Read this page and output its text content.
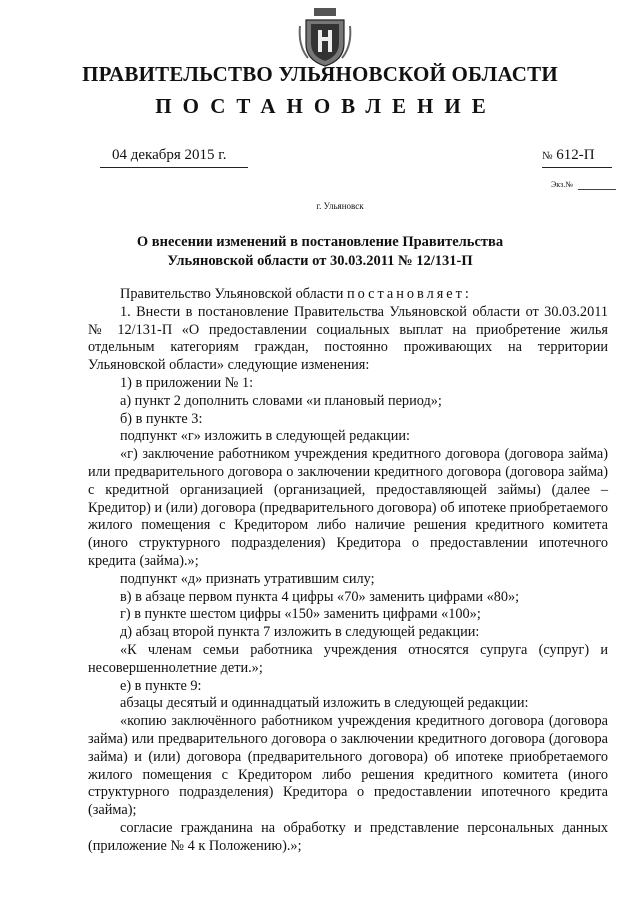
ПРАВИТЕЛЬСТВО УЛЬЯНОВСКОЙ ОБЛАСТИ
ПОСТАНОВЛЕНИЕ
04 декабря 2015 г.	№ 612-П
Экз.№
г. Ульяновск
О внесении изменений в постановление Правительства
Ульяновской области от 30.03.2011 № 12/131-П

Правительство Ульяновской области постановляет:

1. Внести в постановление Правительства Ульяновской области от 30.03.2011 № 12/131-П «О предоставлении социальных выплат на приобретение жилья отдельным категориям граждан, постоянно проживающих на территории Ульяновской области» следующие изменения:

1) в приложении № 1:

а) пункт 2 дополнить словами «и плановый период»;

б) в пункте 3:

подпункт «г» изложить в следующей редакции:

«г) заключение работником учреждения кредитного договора (договора займа) или предварительного договора о заключении кредитного договора (договора займа) с кредитной организацией (организацией, предоставляющей займы) (далее – Кредитор) и (или) договора (предварительного договора) об ипотеке приобретаемого жилого помещения с Кредитором либо наличие решения кредитного комитета (иного структурного подразделения) Кредитора о предоставлении ипотечного кредита (займа).»;

подпункт «д» признать утратившим силу;

в) в абзаце первом пункта 4 цифры «70» заменить цифрами «80»;

г) в пункте шестом цифры «150» заменить цифрами «100»;

д) абзац второй пункта 7 изложить в следующей редакции:

«К членам семьи работника учреждения относятся супруга (супруг) и несовершеннолетние дети.»;

е) в пункте 9:

абзацы десятый и одиннадцатый изложить в следующей редакции:

«копию заключённого работником учреждения кредитного договора (договора займа) или предварительного договора о заключении кредитного договора (договора займа) и (или) договора (предварительного договора) об ипотеке приобретаемого жилого помещения с Кредитором либо решения кредитного комитета (иного структурного подразделения) Кредитора о предоставлении ипотечного кредита (займа);

согласие гражданина на обработку и представление персональных данных (приложение № 4 к Положению).»;
